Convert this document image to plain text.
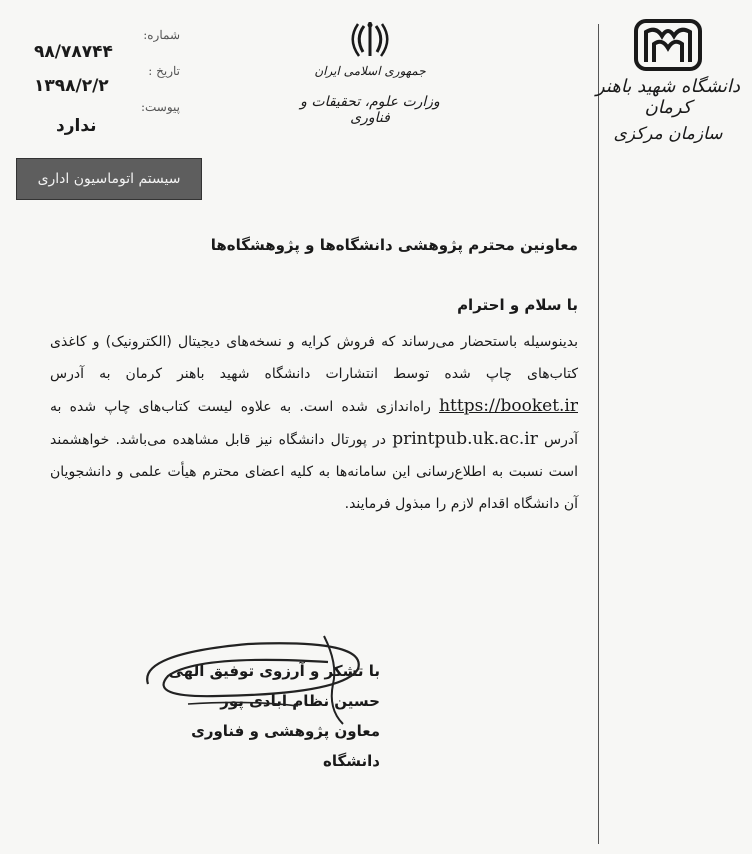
دانشگاه شهید باهنر کرمان
سازمان مرکزی
جمهوری اسلامی ایران
وزارت علوم، تحقیقات و فناوری
شماره:
۹۸/۷۸۷۴۴
تاریخ :
۱۳۹۸/۲/۲
پیوست:
ندارد
سیستم اتوماسیون اداری
معاونین محترم پژوهشی دانشگاه‌ها و پژوهشگاه‌ها
با سلام و احترام
بدینوسیله باستحضار می‌رساند که فروش کرایه و نسخه‌های دیجیتال (الکترونیک) و کاغذی کتاب‌های چاپ شده توسط انتشارات دانشگاه شهید باهنر کرمان به آدرس https://booket.ir راه‌اندازی شده است. به علاوه لیست کتاب‌های چاپ شده به آدرس printpub.uk.ac.ir در پورتال دانشگاه نیز قابل مشاهده می‌باشد. خواهشمند است نسبت به اطلاع‌رسانی این سامانه‌ها به کلیه اعضای محترم هیأت علمی و دانشجویان آن دانشگاه اقدام لازم را مبذول فرمایند.
با تشکر و آرزوی توفیق الهی
حسین نظام آبادی پور
معاون پژوهشی و فناوری دانشگاه
